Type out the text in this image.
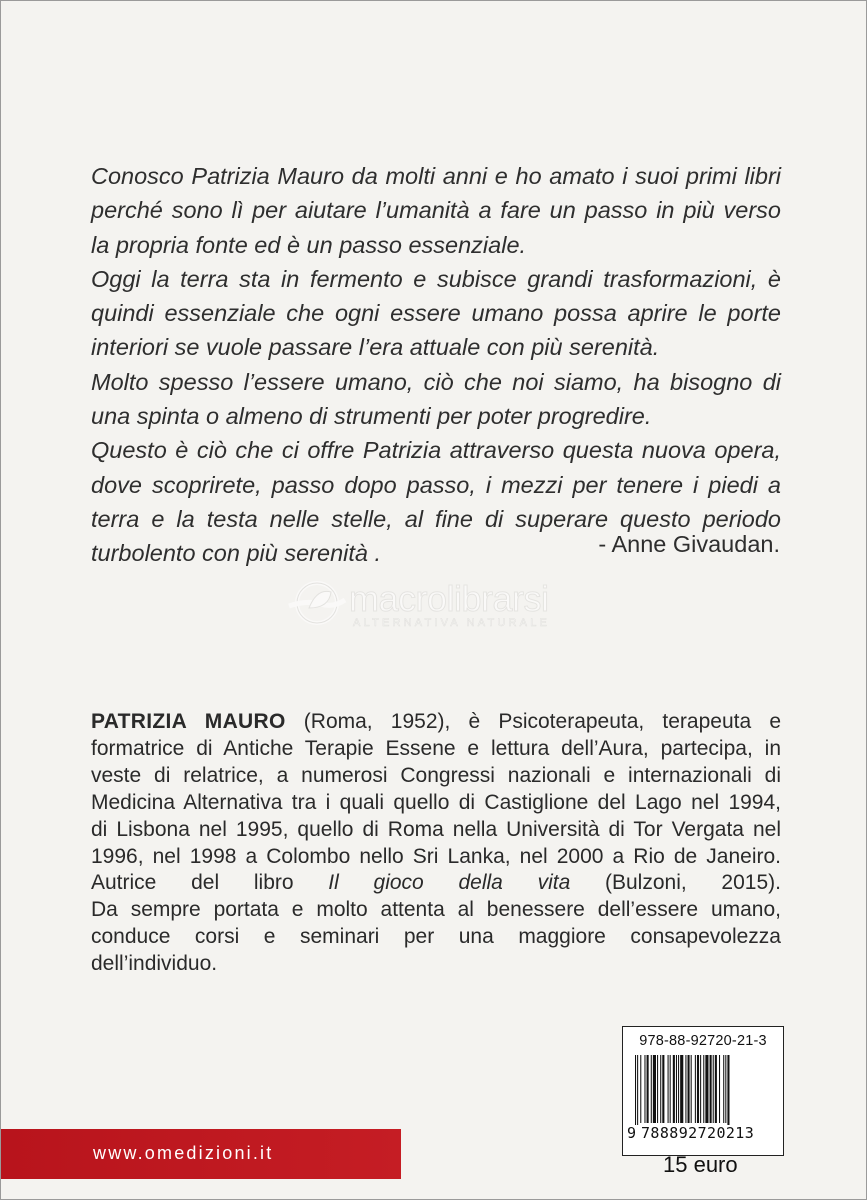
Conosco Patrizia Mauro da molti anni e ho amato i suoi primi libri
perché sono lì per aiutare l’umanità a fare un passo in più verso
la propria fonte ed è un passo essenziale.
Oggi la terra sta in fermento e subisce grandi trasformazioni, è
quindi essenziale che ogni essere umano possa aprire le porte
interiori se vuole passare l’era attuale con più serenità.
Molto spesso l’essere umano, ciò che noi siamo, ha bisogno di
una spinta o almeno di strumenti per poter progredire.
Questo è ciò che ci offre Patrizia attraverso questa nuova opera,
dove scoprirete, passo dopo passo, i mezzi per tenere i piedi a
terra e la testa nelle stelle, al fine di superare questo periodo
turbolento con più serenità .	- Anne Givaudan.
macrolibrarsi
ALTERNATIVA NATURALE
PATRIZIA MAURO (Roma, 1952), è Psicoterapeuta, terapeuta e
formatrice di Antiche Terapie Essene e lettura dell’Aura, partecipa, in
veste di relatrice, a numerosi Congressi nazionali e internazionali di
Medicina Alternativa tra i quali quello di Castiglione del Lago nel 1994,
di Lisbona nel 1995, quello di Roma nella Università di Tor Vergata nel
1996, nel 1998 a Colombo nello Sri Lanka, nel 2000 a Rio de Janeiro.
Autrice del libro Il gioco della vita (Bulzoni, 2015).
Da sempre portata e molto attenta al benessere dell’essere umano,
conduce corsi e seminari per una maggiore consapevolezza
dell’individuo.
www.omedizioni.it
978-88-92720-21-3
9 788892720213
15 euro
